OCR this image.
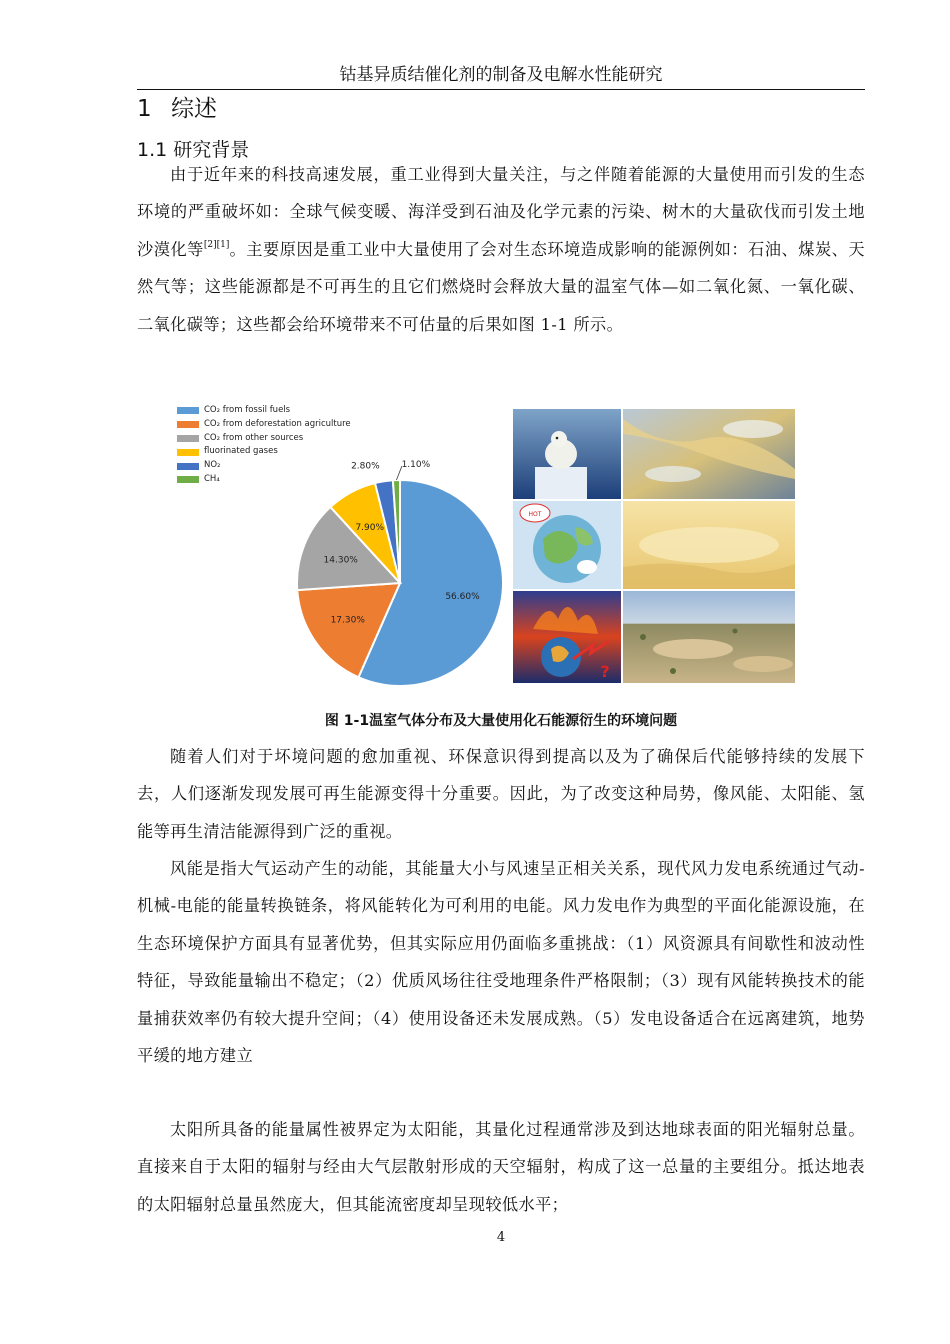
钴基异质结催化剂的制备及电解水性能研究
1 综述
1.1 研究背景

由于近年来的科技高速发展，重工业得到大量关注，与之伴随着能源的大量使用而引发的生态环境的严重破坏如：全球气候变暖、海洋受到石油及化学元素的污染、树木的大量砍伐而引发土地沙漠化等[2][1]。主要原因是重工业中大量使用了会对生态环境造成影响的能源例如：石油、煤炭、天然气等；这些能源都是不可再生的且它们燃烧时会释放大量的温室气体—如二氧化氮、一氧化碳、二氧化碳等；这些都会给环境带来不可估量的后果如图 1-1 所示。

CO₂ from fossil fuels
CO₂ from deforestation agriculture
CO₂ from other sources
fluorinated gases
NO₂
CH₄
56.60%
17.30%
14.30%
7.90%
2.80% 1.10%
HOT
?
图 1-1温室气体分布及大量使用化石能源衍生的环境问题

随着人们对于坏境问题的愈加重视、环保意识得到提高以及为了确保后代能够持续的发展下去，人们逐渐发现发展可再生能源变得十分重要。因此，为了改变这种局势，像风能、太阳能、氢能等再生清洁能源得到广泛的重视。

风能是指大气运动产生的动能，其能量大小与风速呈正相关关系，现代风力发电系统通过气动-机械-电能的能量转换链条，将风能转化为可利用的电能。风力发电作为典型的平面化能源设施，在生态环境保护方面具有显著优势，但其实际应用仍面临多重挑战：（1）风资源具有间歇性和波动性特征，导致能量输出不稳定；（2）优质风场往往受地理条件严格限制；（3）现有风能转换技术的能量捕获效率仍有较大提升空间；（4）使用设备还未发展成熟。（5）发电设备适合在远离建筑，地势平缓的地方建立

太阳所具备的能量属性被界定为太阳能，其量化过程通常涉及到达地球表面的阳光辐射总量。直接来自于太阳的辐射与经由大气层散射形成的天空辐射，构成了这一总量的主要组分。抵达地表的太阳辐射总量虽然庞大，但其能流密度却呈现较低水平；

4
